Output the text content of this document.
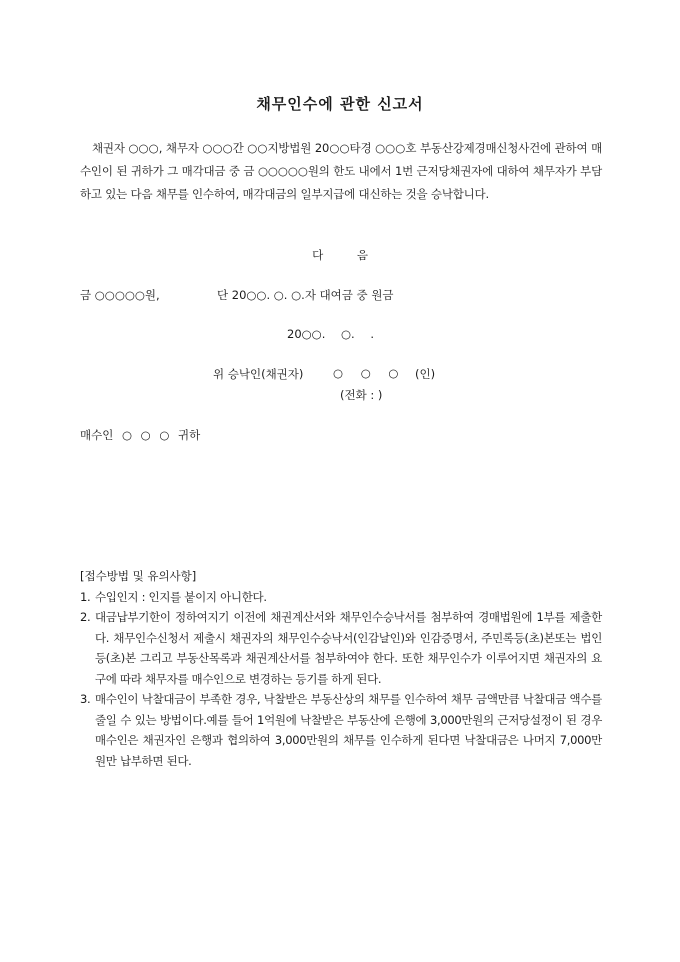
채무인수에 관한 신고서
채권자 ○○○, 채무자 ○○○간 ○○지방법원 20○○타경 ○○○호 부동산강제경매신청사건에 관하여 매수인이 된 귀하가 그 매각대금 중 금 ○○○○○원의 한도 내에서 1번 근저당채권자에 대하여 채무자가 부담하고 있는 다음 채무를 인수하여, 매각대금의 일부지급에 대신하는 것을 승낙합니다.
다 음
금 ○○○○○원,	단 20○○. ○. ○.자 대여금 중 원금
20○○. ○. .
위 승낙인(채권자)	○ ○ ○ (인)
(전화 : )
매수인 ○ ○ ○ 귀하
[접수방법 및 유의사항]
1. 수입인지 : 인지를 붙이지 아니한다.
2. 대금납부기한이 정하여지기 이전에 채권계산서와 채무인수승낙서를 첨부하여 경매법원에 1부를 제출한다. 채무인수신청서 제출시 채권자의 채무인수승낙서(인감날인)와 인감증명서, 주민록등(초)본또는 법인등(초)본 그리고 부동산목록과 채권계산서를 첨부하여야 한다. 또한 채무인수가 이루어지면 채권자의 요구에 따라 채무자를 매수인으로 변경하는 등기를 하게 된다.
3. 매수인이 낙찰대금이 부족한 경우, 낙찰받은 부동산상의 채무를 인수하여 채무 금액만큼 낙찰대금 액수를 줄일 수 있는 방법이다.예를 들어 1억원에 낙찰받은 부동산에 은행에 3,000만원의 근저당설정이 된 경우 매수인은 채권자인 은행과 협의하여 3,000만원의 채무를 인수하게 된다면 낙찰대금은 나머지 7,000만원만 납부하면 된다.
